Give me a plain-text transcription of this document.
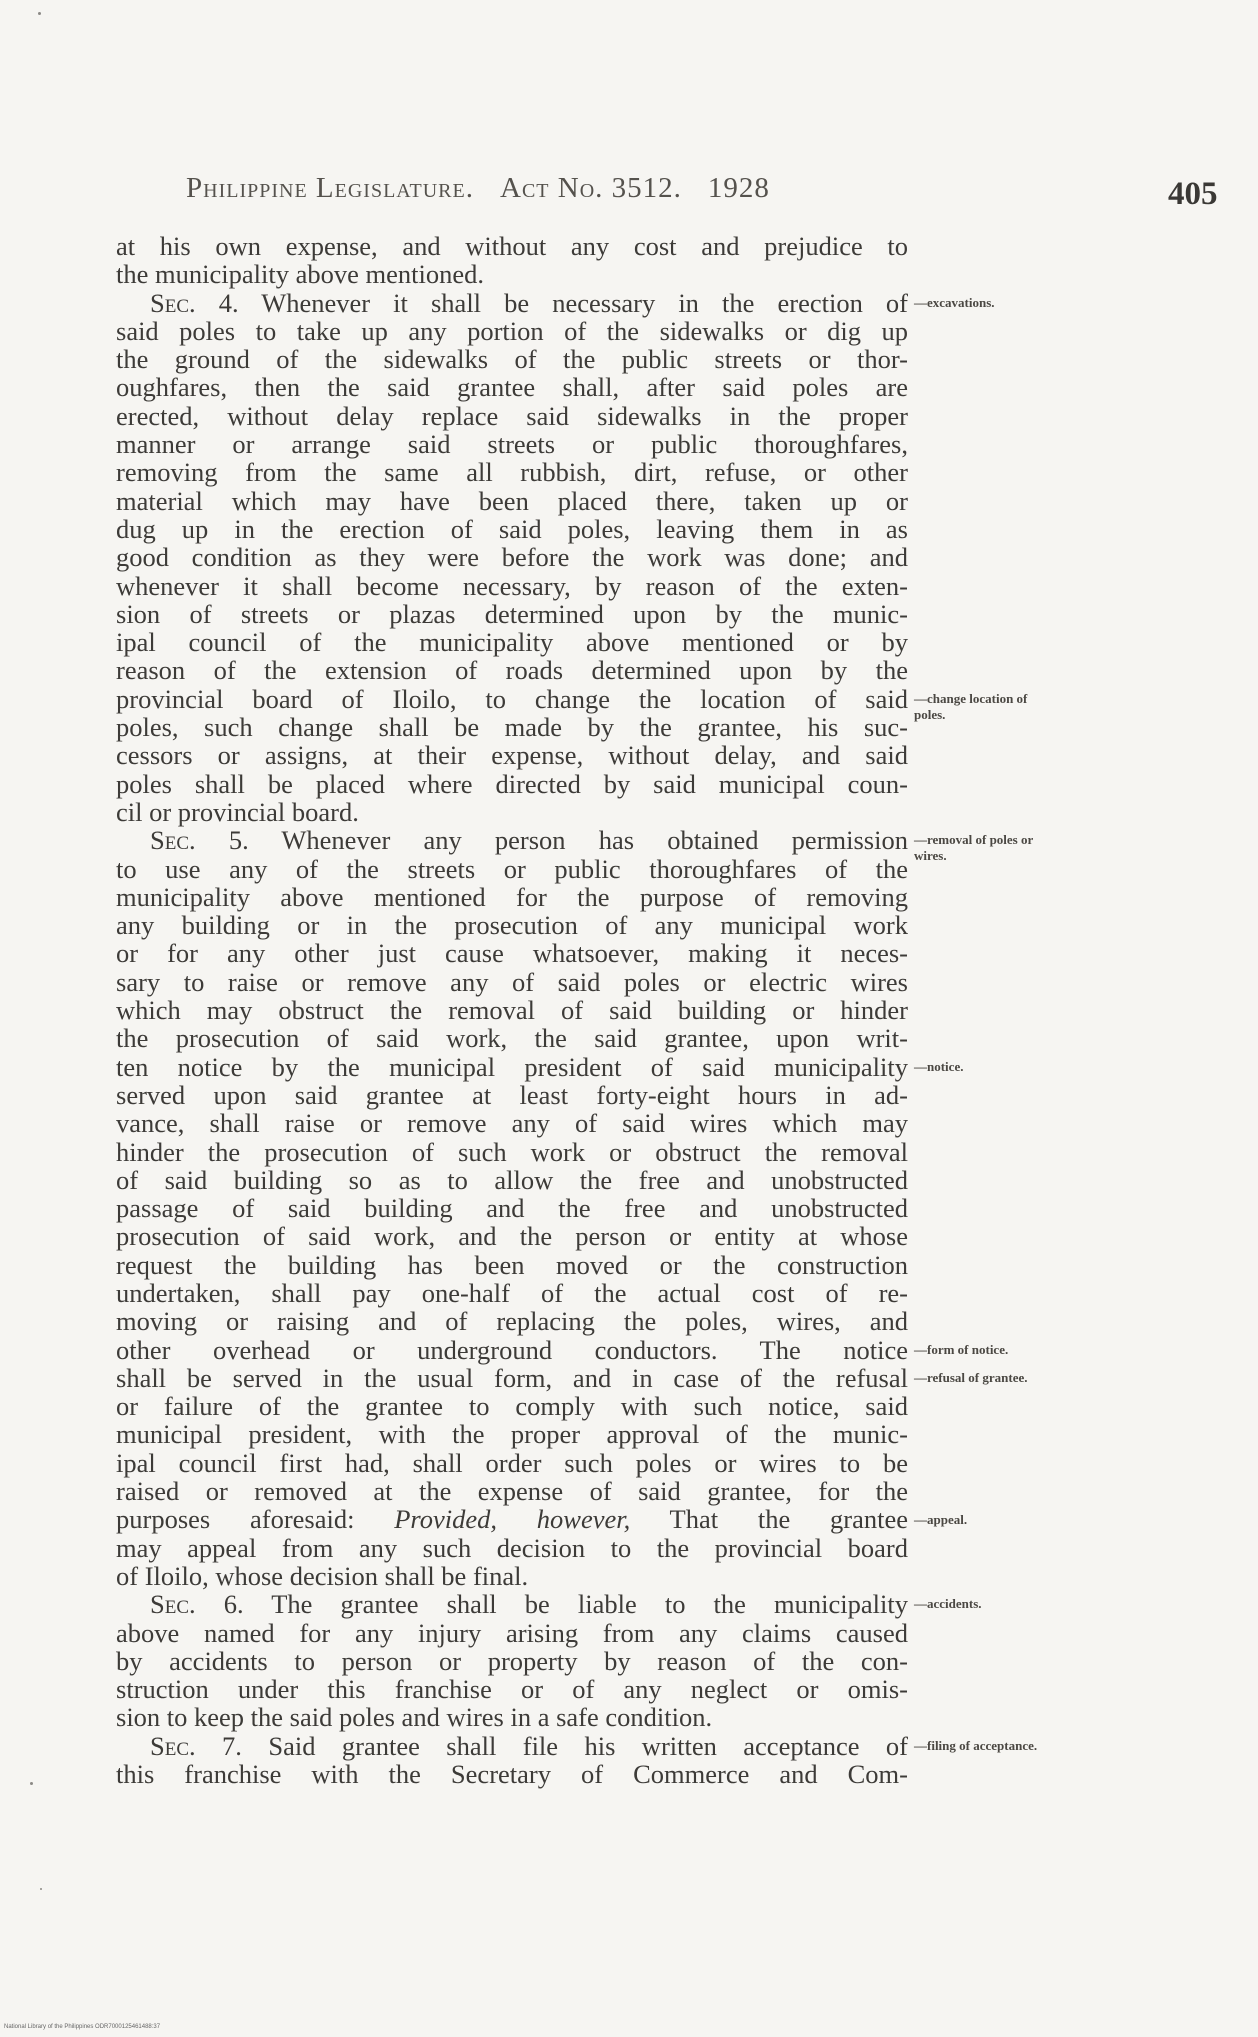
Philippine Legislature. Act No. 3512. 1928	405
at his own expense, and without any cost and prejudice to
the municipality above mentioned.
Sec. 4. Whenever it shall be necessary in the erection of
said poles to take up any portion of the sidewalks or dig up
the ground of the sidewalks of the public streets or thor-
oughfares, then the said grantee shall, after said poles are
erected, without delay replace said sidewalks in the proper
manner or arrange said streets or public thoroughfares,
removing from the same all rubbish, dirt, refuse, or other
material which may have been placed there, taken up or
dug up in the erection of said poles, leaving them in as
good condition as they were before the work was done; and
whenever it shall become necessary, by reason of the exten-
sion of streets or plazas determined upon by the munic-
ipal council of the municipality above mentioned or by
reason of the extension of roads determined upon by the
provincial board of Iloilo, to change the location of said
poles, such change shall be made by the grantee, his suc-
cessors or assigns, at their expense, without delay, and said
poles shall be placed where directed by said municipal coun-
cil or provincial board.
Sec. 5. Whenever any person has obtained permission
to use any of the streets or public thoroughfares of the
municipality above mentioned for the purpose of removing
any building or in the prosecution of any municipal work
or for any other just cause whatsoever, making it neces-
sary to raise or remove any of said poles or electric wires
which may obstruct the removal of said building or hinder
the prosecution of said work, the said grantee, upon writ-
ten notice by the municipal president of said municipality
served upon said grantee at least forty-eight hours in ad-
vance, shall raise or remove any of said wires which may
hinder the prosecution of such work or obstruct the removal
of said building so as to allow the free and unobstructed
passage of said building and the free and unobstructed
prosecution of said work, and the person or entity at whose
request the building has been moved or the construction
undertaken, shall pay one-half of the actual cost of re-
moving or raising and of replacing the poles, wires, and
other overhead or underground conductors. The notice
shall be served in the usual form, and in case of the refusal
or failure of the grantee to comply with such notice, said
municipal president, with the proper approval of the munic-
ipal council first had, shall order such poles or wires to be
raised or removed at the expense of said grantee, for the
purposes aforesaid: Provided, however, That the grantee
may appeal from any such decision to the provincial board
of Iloilo, whose decision shall be final.
Sec. 6. The grantee shall be liable to the municipality
above named for any injury arising from any claims caused
by accidents to person or property by reason of the con-
struction under this franchise or of any neglect or omis-
sion to keep the said poles and wires in a safe condition.
Sec. 7. Said grantee shall file his written acceptance of
this franchise with the Secretary of Commerce and Com-
—excavations.
—change location of
poles.
—removal of poles or
wires.
—notice.
—form of notice.
—refusal of grantee.
—appeal.
—accidents.
—filing of acceptance.
National Library of the Philippines ODR7000125461488:37
